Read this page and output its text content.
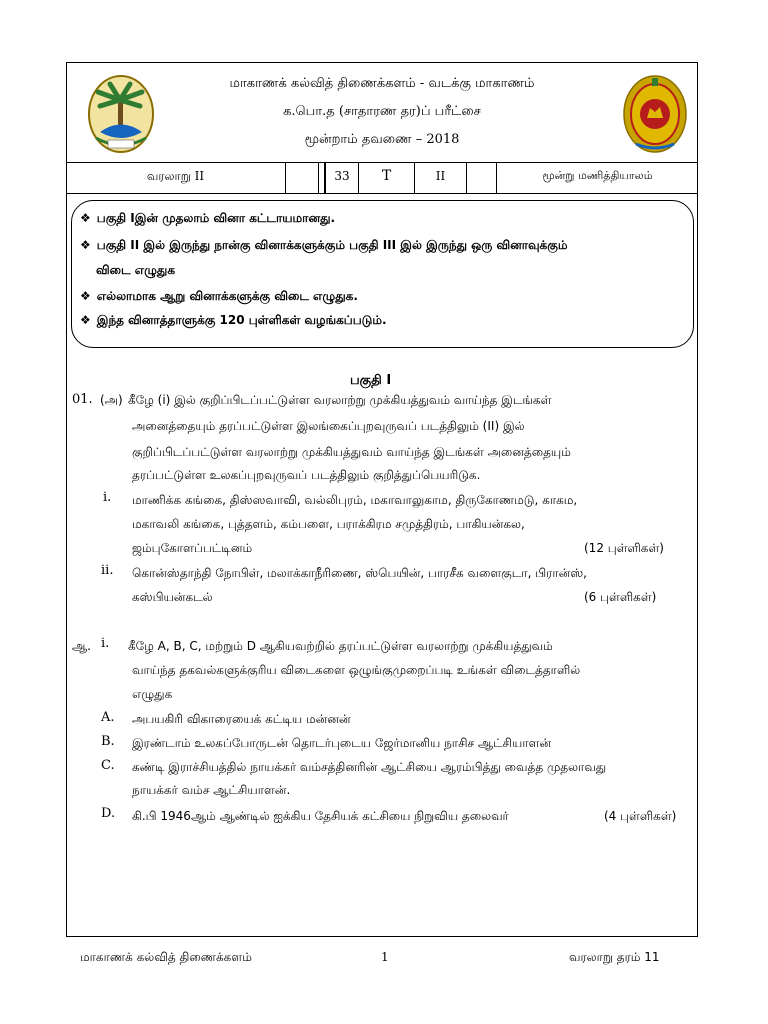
மாகாணக் கல்வித் திணைக்களம் - வடக்கு மாகாணம்
க.பொ.த (சாதாரண தர)ப் பரீட்சை
மூன்றாம் தவணை – 2018
வரலாறு II	33	T	II	மூன்று மணித்தியாலம்
❖ பகுதி Iஇன் முதலாம் வினா கட்டாயமானது.
❖ பகுதி II இல் இருந்து நான்கு வினாக்களுக்கும் பகுதி III இல் இருந்து ஒரு வினாவுக்கும்
விடை எழுதுக
❖ எல்லாமாக ஆறு வினாக்களுக்கு விடை எழுதுக.
❖ இந்த வினாத்தாளுக்கு 120 புள்ளிகள் வழங்கப்படும்.
பகுதி I
01. (அ) கீழே (i) இல் குறிப்பிடப்பட்டுள்ள வரலாற்று முக்கியத்துவம் வாய்ந்த இடங்கள்
அனைத்தையும் தரப்பட்டுள்ள இலங்கைப்புறவுருவப் படத்திலும் (II) இல்
குறிப்பிடப்பட்டுள்ள வரலாற்று முக்கியத்துவம் வாய்ந்த இடங்கள் அனைத்தையும்
தரப்பட்டுள்ள உலகப்புறவுருவப் படத்திலும் குறித்துப்பெயரிடுக.
i. மாணிக்க கங்கை, திஸ்ஸவாவி, வல்லிபுரம், மகாவாலுகாம, திருகோணமடு, காகம,
மகாவலி கங்கை, புத்தளம், கம்பளை, பராக்கிரம சமுத்திரம், பாகியன்கல,
ஜம்புகோளப்பட்டினம்	(12 புள்ளிகள்)
ii. கொன்ஸ்தாந்தி நோபிள், மலாக்காநீரிணை, ஸ்பெயின், பாரசீக வளைகுடா, பிரான்ஸ்,
கஸ்பியன்கடல்	(6 புள்ளிகள்)
ஆ. i. கீழே A, B, C, மற்றும் D ஆகியவற்றில் தரப்பட்டுள்ள வரலாற்று முக்கியத்துவம்
வாய்ந்த தகவல்களுக்குரிய விடைகளை ஒழுங்குமுறைப்படி உங்கள் விடைத்தாளில்
எழுதுக
A. அபயகிரி விகாரையைக் கட்டிய மன்னன்
B. இரண்டாம் உலகப்போருடன் தொடர்புடைய ஜேர்மானிய நாசிச ஆட்சியாளன்
C. கண்டி இராச்சியத்தில் நாயக்கர் வம்சத்தினரின் ஆட்சியை ஆரம்பித்து வைத்த முதலாவது
நாயக்கர் வம்ச ஆட்சியாளன்.
D. கி.பி 1946ஆம் ஆண்டில் ஐக்கிய தேசியக் கட்சியை நிறுவிய தலைவர்	(4 புள்ளிகள்)
மாகாணக் கல்வித் திணைக்களம்	1	வரலாறு தரம் 11
